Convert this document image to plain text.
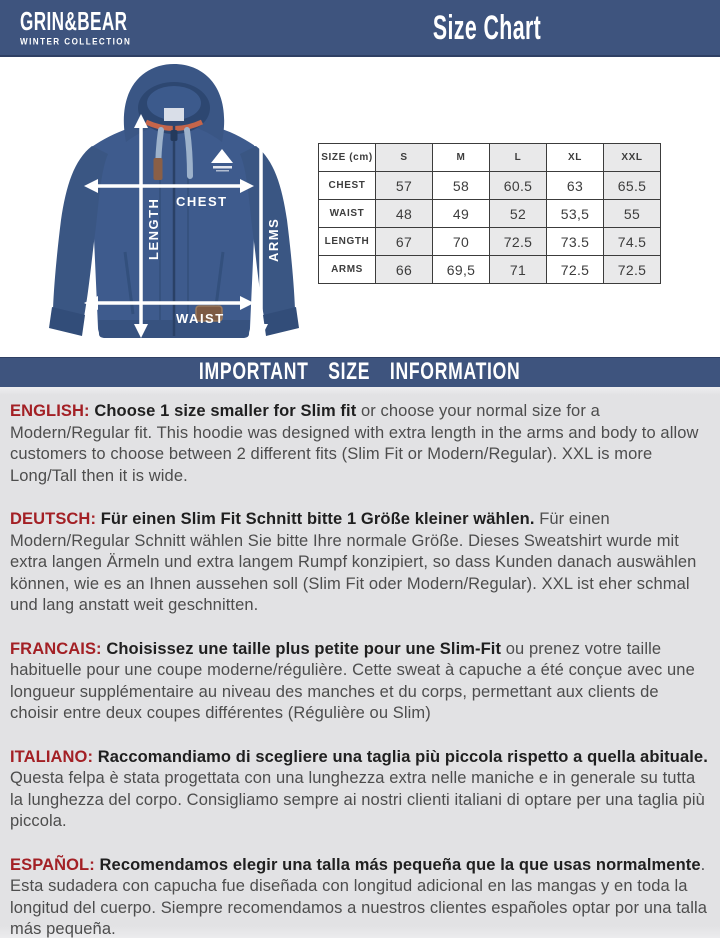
GRIN&BEAR
WINTER COLLECTION	Size Chart
CHEST
LENGTH	ARMS
WAIST
SIZE (cm)	S	M	L	XL	XXL
CHEST	57	58	60.5	63	65.5
WAIST	48	49	52	53,5	55
LENGTH	67	70	72.5	73.5	74.5
ARMS	66	69,5	71	72.5	72.5
IMPORTANT SIZE INFORMATION

ENGLISH: Choose 1 size smaller for Slim fit or choose your normal size for a Modern/Regular fit. This hoodie was designed with extra length in the arms and body to allow customers to choose between 2 different fits (Slim Fit or Modern/Regular). XXL is more Long/Tall then it is wide.

DEUTSCH: Für einen Slim Fit Schnitt bitte 1 Größe kleiner wählen. Für einen Modern/Regular Schnitt wählen Sie bitte Ihre normale Größe. Dieses Sweatshirt wurde mit extra langen Ärmeln und extra langem Rumpf konzipiert, so dass Kunden danach auswählen können, wie es an Ihnen aussehen soll (Slim Fit oder Modern/Regular). XXL ist eher schmal und lang anstatt weit geschnitten.

FRANCAIS: Choisissez une taille plus petite pour une Slim-Fit ou prenez votre taille habituelle pour une coupe moderne/régulière. Cette sweat à capuche a été conçue avec une longueur supplémentaire au niveau des manches et du corps, permettant aux clients de choisir entre deux coupes différentes (Régulière ou Slim)

ITALIANO: Raccomandiamo di scegliere una taglia più piccola rispetto a quella abituale. Questa felpa è stata progettata con una lunghezza extra nelle maniche e in generale su tutta la lunghezza del corpo. Consigliamo sempre ai nostri clienti italiani di optare per una taglia più piccola.

ESPAÑOL: Recomendamos elegir una talla más pequeña que la que usas normalmente. Esta sudadera con capucha fue diseñada con longitud adicional en las mangas y en toda la longitud del cuerpo. Siempre recomendamos a nuestros clientes españoles optar por una talla más pequeña.
